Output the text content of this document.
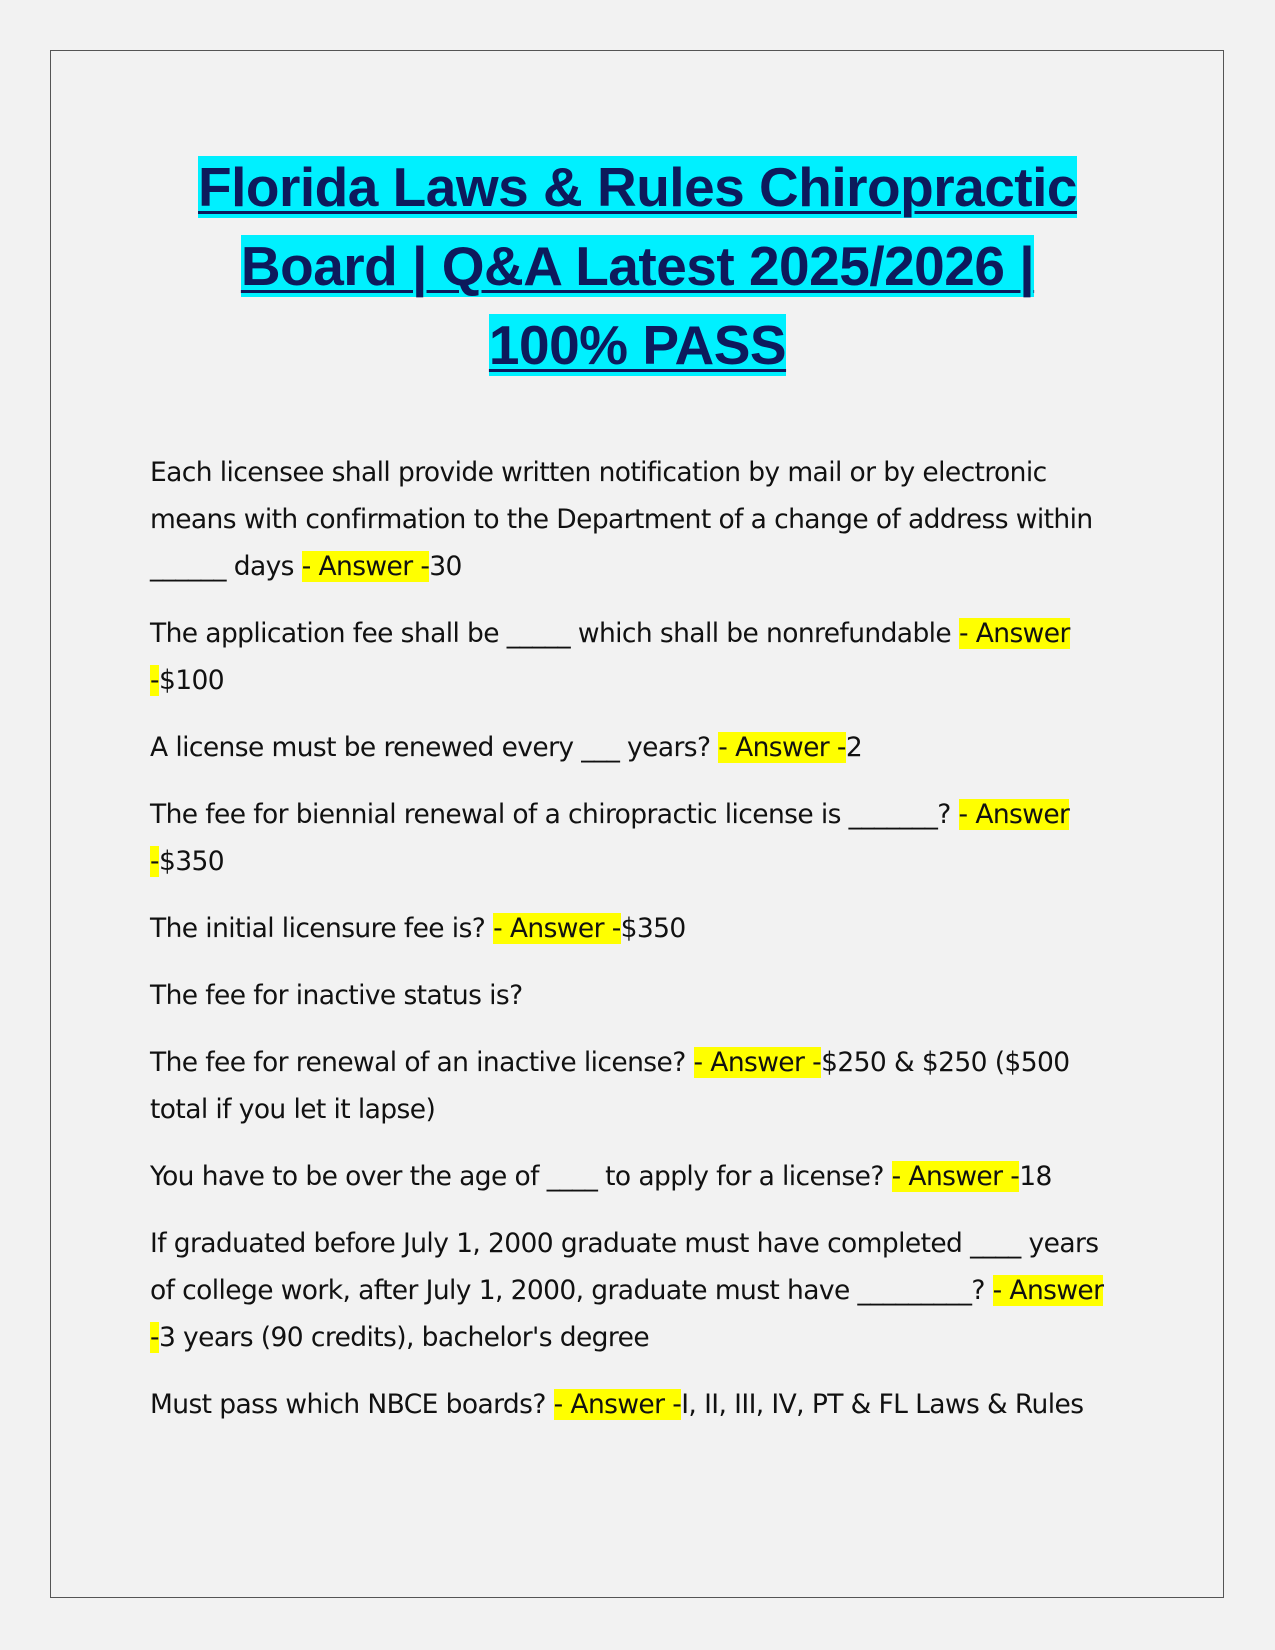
Florida Laws & Rules Chiropractic
Board | Q&A Latest 2025/2026 |
100% PASS

Each licensee shall provide written notification by mail or by electronic means with confirmation to the Department of a change of address within ______ days - Answer -30

The application fee shall be _____ which shall be nonrefundable - Answer -$100

A license must be renewed every ___ years? - Answer -2

The fee for biennial renewal of a chiropractic license is _______? - Answer -$350

The initial licensure fee is? - Answer -$350

The fee for inactive status is?

The fee for renewal of an inactive license? - Answer -$250 & $250 ($500 total if you let it lapse)

You have to be over the age of ____ to apply for a license? - Answer -18

If graduated before July 1, 2000 graduate must have completed ____ years of college work, after July 1, 2000, graduate must have _________? - Answer -3 years (90 credits), bachelor's degree

Must pass which NBCE boards? - Answer -I, II, III, IV, PT & FL Laws & Rules
